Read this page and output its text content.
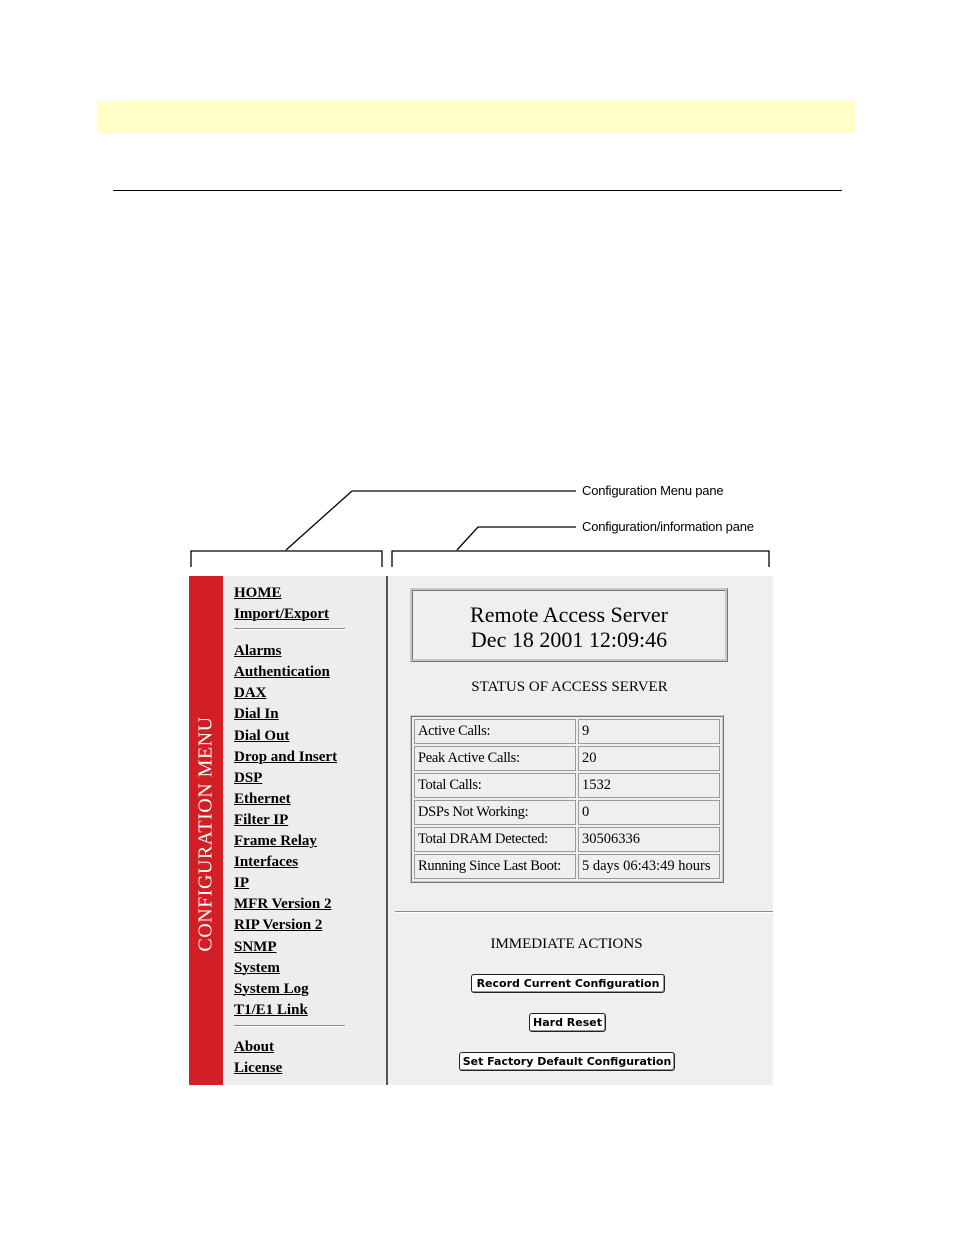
Configuration Menu pane
Configuration/information pane
CONFIGURATION MENU
HOME
Import/Export
Alarms
Authentication
DAX
Dial In
Dial Out
Drop and Insert
DSP
Ethernet
Filter IP
Frame Relay
Interfaces
IP
MFR Version 2
RIP Version 2
SNMP
System
System Log
T1/E1 Link
About
License
Remote Access Server
Dec 18 2001 12:09:46
STATUS OF ACCESS SERVER
Active Calls:	9
Peak Active Calls:	20
Total Calls:	1532
DSPs Not Working:	0
Total DRAM Detected:	30506336
Running Since Last Boot:	5 days 06:43:49 hours
IMMEDIATE ACTIONS
Record Current Configuration
Hard Reset
Set Factory Default Configuration
